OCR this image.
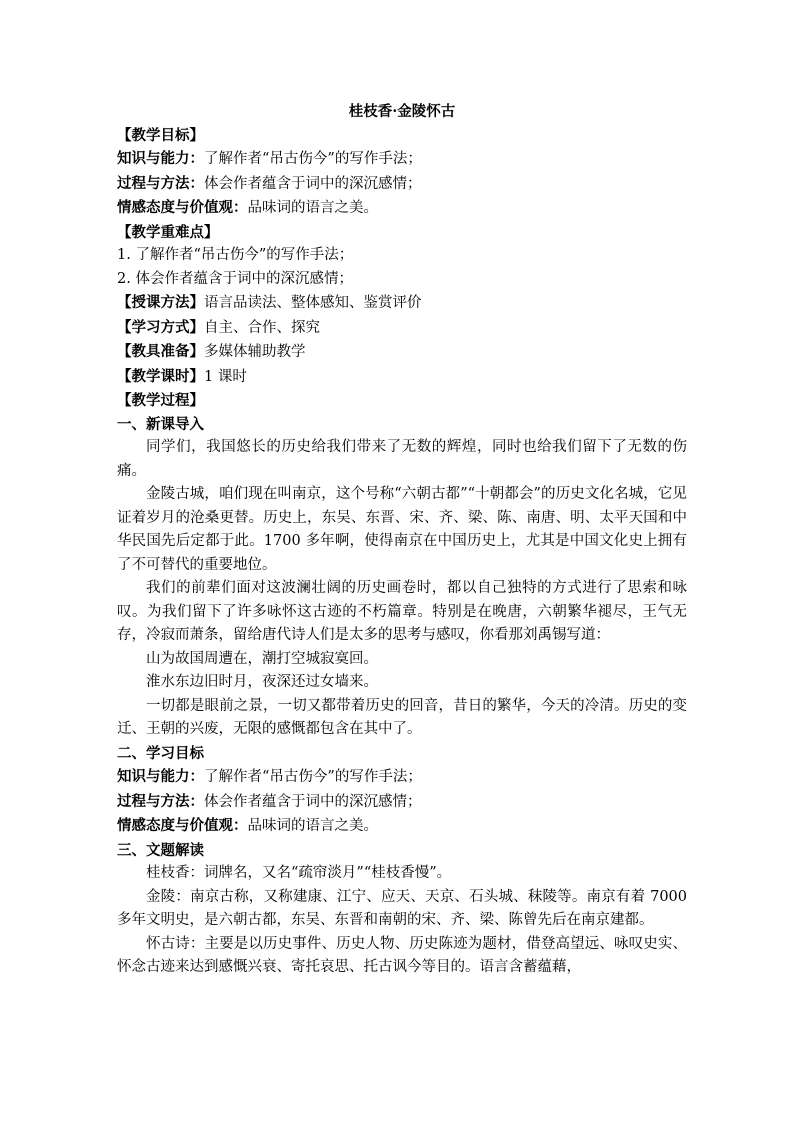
桂枝香·金陵怀古

【教学目标】

知识与能力：了解作者“吊古伤今”的写作手法；

过程与方法：体会作者蕴含于词中的深沉感情；

情感态度与价值观：品味词的语言之美。

【教学重难点】

1. 了解作者“吊古伤今”的写作手法；

2. 体会作者蕴含于词中的深沉感情；

【授课方法】语言品读法、整体感知、鉴赏评价

【学习方式】自主、合作、探究

【教具准备】多媒体辅助教学

【教学课时】1 课时

【教学过程】

一、新课导入

同学们，我国悠长的历史给我们带来了无数的辉煌，同时也给我们留下了无数的伤痛。

金陵古城，咱们现在叫南京，这个号称“六朝古都”“十朝都会”的历史文化名城，它见证着岁月的沧桑更替。历史上，东吴、东晋、宋、齐、梁、陈、南唐、明、太平天国和中华民国先后定都于此。1700 多年啊，使得南京在中国历史上，尤其是中国文化史上拥有了不可替代的重要地位。

我们的前辈们面对这波澜壮阔的历史画卷时，都以自己独特的方式进行了思索和咏叹。为我们留下了许多咏怀这古迹的不朽篇章。特别是在晚唐，六朝繁华褪尽，王气无存，冷寂而萧条，留给唐代诗人们是太多的思考与感叹，你看那刘禹锡写道：

山为故国周遭在，潮打空城寂寞回。

淮水东边旧时月，夜深还过女墙来。

一切都是眼前之景，一切又都带着历史的回音，昔日的繁华，今天的冷清。历史的变迁、王朝的兴废，无限的感慨都包含在其中了。

二、学习目标

知识与能力：了解作者“吊古伤今”的写作手法；

过程与方法：体会作者蕴含于词中的深沉感情；

情感态度与价值观：品味词的语言之美。

三、文题解读

桂枝香：词牌名，又名“疏帘淡月”“桂枝香慢”。

金陵：南京古称，又称建康、江宁、应天、天京、石头城、秣陵等。南京有着 7000 多年文明史，是六朝古都，东吴、东晋和南朝的宋、齐、梁、陈曾先后在南京建都。

怀古诗：主要是以历史事件、历史人物、历史陈迹为题材，借登高望远、咏叹史实、怀念古迹来达到感慨兴衰、寄托哀思、托古讽今等目的。语言含蓄蕴藉，
